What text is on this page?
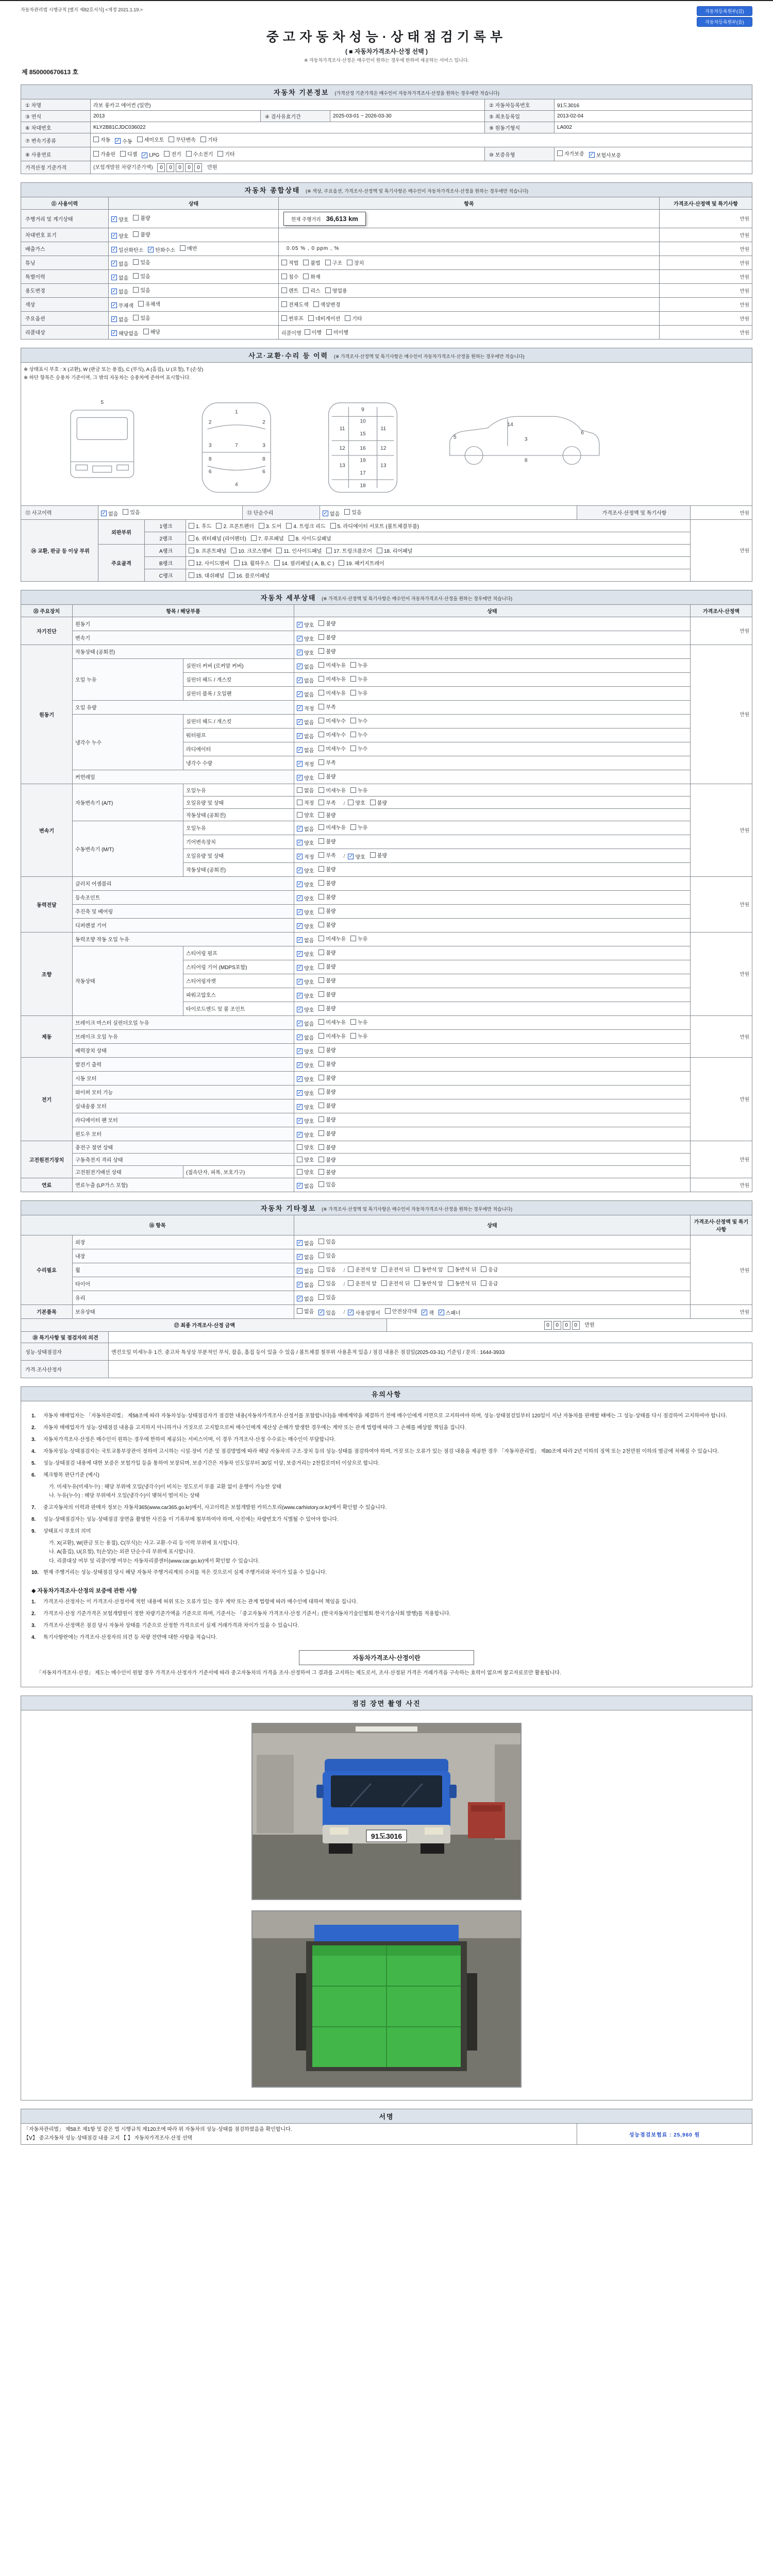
자동차관리법 시행규칙 [별지 제82호서식] <개정 2021.1.19.>	자동차등록원부(갑)
자동차등록원부(을)
중고자동차성능·상태점검기록부
( ■ 자동차가격조사·산정 선택 )
※ 자동차가격조사·산정은 매수인이 원하는 경우에 한하여 제공하는 서비스 입니다.
제 850000670613 호
자동차 기본정보 (가격산정 기준가격은 매수인이 자동차가격조사·산정을 원하는 경우에만 적습니다)
① 차명	라보 롱카고 에어컨 (일반)			② 자동차등록번호	91도3016
③ 연식	2013	④ 검사유효기간	2025-03-01 ~ 2026-03-30	⑤ 최초등록일	2013-02-04
⑥ 차대번호	KLY2B81CJDC036022			⑨ 원동기형식	LA002
⑦ 변속기종류	자동 ✓ 수동 세미오토 무단변속 기타

⑧ 사용연료	가솔린 디젤 ✓ LPG 전기 수소전기 기타	⑩ 보증유형	자가보증 ✓ 보험사보증

가격산정 기준가격	(보험개발원 차량기준가액) 0 0 0 0 0 만원				
자동차 종합상태 (※ 색상, 주요옵션, 가격조사·산정액 및 특기사항은 매수인이 자동차가격조사·산정을 원하는 경우에만 적습니다)
⑪ 사용이력	상태	항목	가격조사·산정액 및 특기사항
주행거리 및 계기상태	✓ 양호 불량	현재 주행거리 36,613 km	만원
차대번호 표기	✓ 양호 불량		만원
배출가스	✓ 일산화탄소 ✓ 탄화수소 매연	0.05 % , 0 ppm , %	만원
튜닝	✓ 없음 있음	적법 불법 구조 장치	만원
특별이력	✓ 없음 있음	침수 화재	만원
용도변경	✓ 없음 있음	렌트 리스 영업용	만원
색상	✓ 무채색 유채색	전체도색 색상변경	만원
주요옵션	✓ 없음 있음	썬루프 네비게이션 기타	만원
리콜대상	✓ 해당없음 해당	리콜이행 이행 미이행	만원
사고·교환·수리 등 이력 (※ 가격조사·산정액 및 특기사항은 매수인이 자동차가격조사·산정을 원하는 경우에만 적습니다)
※ 상태표시 부호 : X (교환), W (판금 또는 용접), C (부식), A (흠집), U (요철), T (손상)
※ 하단 항목은 승용차 기준이며, 그 밖의 자동차는 승용차에 준하여 표시합니다.
5
1
2	2
7
3	3
8	8
6	6
4
9
10
11	11
15
12	16	12
13
19
13
17
18
14
3
6
8
5
⑫ 사고이력	✓ 없음 있음	⑬ 단순수리	✓ 없음 있음	가격조사·산정액 및 특기사항	만원
⑭ 교환, 판금 등 이상 부위	외판부위	1랭크	1. 후드 2. 프론트펜더 3. 도어 4. 트렁크 리드 5. 라디에이터 서포트 (볼트체결부품)	만원
		2랭크	6. 쿼터패널 (리어펜더) 7. 루프패널 8. 사이드실패널	

	주요골격	A랭크	9. 프론트패널 10. 크로스멤버 11. 인사이드패널 17. 트렁크플로어 18. 리어패널	

		B랭크	12. 사이드멤버 13. 휠하우스 14. 필러패널 ( A, B, C ) 19. 패키지트레이	

		C랭크	15. 대쉬패널 16. 플로어패널	
자동차 세부상태 (※ 가격조사·산정액 및 특기사항은 매수인이 자동차가격조사·산정을 원하는 경우에만 적습니다)
⑮ 주요장치	항목 / 해당부품		상태	가격조사·산정액
자기진단	원동기		✓ 양호 불량	만원
	변속기		✓ 양호 불량	

원동기	작동상태 (공회전)		✓ 양호 불량	만원
	오일 누유	실린더 커버 (로커암 커버)	✓ 없음 미세누유 누유	

		실린더 헤드 / 개스킷	✓ 없음 미세누유 누유	

		실린더 블록 / 오일팬	✓ 없음 미세누유 누유	

	오일 유량		✓ 적정 부족	

	냉각수 누수	실린더 헤드 / 개스킷	✓ 없음 미세누수 누수	

		워터펌프	✓ 없음 미세누수 누수	

		라디에이터	✓ 없음 미세누수 누수	

		냉각수 수량	✓ 적정 부족	

	커먼레일		✓ 양호 불량	

변속기	자동변속기 (A/T)	오일누유	없음 미세누유 누유	만원
		오일유량 및 상태	적정 부족 / 양호 불량	

		작동상태 (공회전)	양호 불량	

	수동변속기 (M/T)	오일누유	✓ 없음 미세누유 누유	

		기어변속장치	✓ 양호 불량	

오일유량 및 상태	✓ 적정 부족 / ✓ 양호 불량

		작동상태 (공회전)	✓ 양호 불량	

동력전달	클러치 어셈블리		✓ 양호 불량	만원
	등속조인트		✓ 양호 불량	

	추진축 및 베어링		✓ 양호 불량	

	디퍼렌셜 기어		✓ 양호 불량	

조향	동력조향 작동 오일 누유		✓ 없음 미세누유 누유	만원
	작동상태	스티어링 펌프	✓ 양호 불량	

		스티어링 기어 (MDPS포함)	✓ 양호 불량	

		스티어링자켓	✓ 양호 불량	

		파워고압호스	✓ 양호 불량	

		타이로드엔드 및 볼 조인트	✓ 양호 불량	

제동	브레이크 마스터 실린더오일 누유		✓ 없음 미세누유 누유	만원
	브레이크 오일 누유		✓ 없음 미세누유 누유	

	배력장치 상태		✓ 양호 불량	

전기	발전기 출력		✓ 양호 불량	만원
	시동 모터		✓ 양호 불량	

	와이퍼 모터 기능		✓ 양호 불량	

	실내송풍 모터		✓ 양호 불량	

	라디에이터 팬 모터		✓ 양호 불량	

	윈도우 모터		✓ 양호 불량	

고전원전기장치	충전구 절연 상태		양호 불량	만원
	구동축전지 격리 상태		양호 불량	

	고전원전기배선 상태	(접속단자, 피복, 보호기구)	양호 불량	

연료	연료누출 (LP가스 포함)		✓ 없음 있음	만원
자동차 기타정보 (※ 가격조사·산정액 및 특기사항은 매수인이 자동차가격조사·산정을 원하는 경우에만 적습니다)
⑯ 항목		상태	가격조사·산정액 및 특기사항
수리필요	외장	✓ 없음 있음	만원
	내장	✓ 없음 있음	

휠	✓ 없음 있음 / 운전석 앞 운전석 뒤 동반석 앞 동반석 뒤 응급

타이어	✓ 없음 있음 / 운전석 앞 운전석 뒤 동반석 앞 동반석 뒤 응급

	유리	✓ 없음 있음	

기본품목	보유상태	없음 ✓ 있음 / ✓ 사용설명서 안전삼각대 ✓ 잭 ✓ 스패너	만원
⑰ 최종 가격조사·산정 금액	0 0 0 0 만원
⑱ 특기사항 및 점검자의 의견
성능·상태점검자	엔진오일 미세누유 1건. 중고차 특성상 부분적인 부식, 잡음, 흠집 등이 있을 수 있음 / 볼트체결 철부위 사용흔적 있음 / 점검 내용은 점검일(2025-03-31) 기준임 / 문의 : 1644-3933
가격·조사산정자	
유의사항
1.	자동차 매매업자는 「자동차관리법」 제58조에 따라 자동차성능·상태점검자가 점검한 내용(자동차가격조사·산정서를 포함합니다)을 매매계약을 체결하기 전에 매수인에게 서면으로 고지하여야 하며, 성능·상태점검일부터 120일이 지난 자동차를 판매할 때에는 그 성능·상태를 다시 점검하여 고지하여야 합니다.
2.	자동차 매매업자가 성능·상태점검 내용을 고지하지 아니하거나 거짓으로 고지함으로써 매수인에게 재산상 손해가 발생한 경우에는 계약 또는 관계 법령에 따라 그 손해를 배상할 책임을 집니다.
3.	자동차가격조사·산정은 매수인이 원하는 경우에 한하여 제공되는 서비스이며, 이 경우 가격조사·산정 수수료는 매수인이 부담합니다.
4.	자동차성능·상태점검자는 국토교통부장관이 정하여 고시하는 시설·장비 기준 및 점검방법에 따라 해당 자동차의 구조·장치 등의 성능·상태를 점검하여야 하며, 거짓 또는 오류가 있는 점검 내용을 제공한 경우 「자동차관리법」 제80조에 따라 2년 이하의 징역 또는 2천만원 이하의 벌금에 처해질 수 있습니다.
5.	성능·상태점검 내용에 대한 보증은 보험가입 등을 통하여 보장되며, 보증기간은 자동차 인도일부터 30일 이상, 보증거리는 2천킬로미터 이상으로 합니다.
6.	체크항목 판단기준 (예시)
가. 미세누유(미세누수) : 해당 부위에 오일(냉각수)이 비치는 정도로서 부품 교환 없이 운행이 가능한 상태
나. 누유(누수) : 해당 부위에서 오일(냉각수)이 맺혀서 떨어지는 상태
7.	중고자동차의 이력과 판매자 정보는 자동차365(www.car365.go.kr)에서, 사고이력은 보험개발원 카히스토리(www.carhistory.or.kr)에서 확인할 수 있습니다.
8.	성능·상태점검자는 성능·상태점검 장면을 촬영한 사진을 이 기록부에 첨부하여야 하며, 사진에는 차량번호가 식별될 수 있어야 합니다.
9.	상태표시 부호의 의미
가. X(교환), W(판금 또는 용접), C(부식)는 사고·교환·수리 등 이력 부위에 표시합니다.
나. A(흠집), U(요철), T(손상)는 외관 단순수리 부위에 표시합니다.
다. 리콜대상 여부 및 리콜이행 여부는 자동차리콜센터(www.car.go.kr)에서 확인할 수 있습니다.
10. 현재 주행거리는 성능·상태점검 당시 해당 자동차 주행거리계의 수치를 적은 것으로서 실제 주행거리와 차이가 있을 수 있습니다.
◆ 자동차가격조사·산정의 보증에 관한 사항
1.	가격조사·산정자는 이 가격조사·산정서에 적힌 내용에 허위 또는 오류가 있는 경우 계약 또는 관계 법령에 따라 매수인에 대하여 책임을 집니다.
2.	가격조사·산정 기준가격은 보험개발원이 정한 차량기준가액을 기준으로 하며, 기준서는 「중고자동차 가격조사·산정 기준서」(한국자동차기술인협회·한국기술사회 발행)를 적용합니다.
3.	가격조사·산정액은 점검 당시 자동차 상태를 기준으로 산정한 가격으로서 실제 거래가격과 차이가 있을 수 있습니다.
4.	특기사항란에는 가격조사·산정자의 의견 등 차량 전반에 대한 사항을 적습니다.
자동차가격조사·산정이란
「자동차가격조사·산정」 제도는 매수인이 원할 경우 가격조사·산정자가 기준서에 따라 중고자동차의 가격을 조사·산정하여 그 결과를 고지하는 제도로서, 조사·산정된 가격은 거래가격을 구속하는 효력이 없으며 참고자료로만 활용됩니다.
점검 장면 촬영 사진
91도3016
서명
「자동차관리법」 제58조 제1항 및 같은 법 시행규칙 제120조에 따라 위 자동차의 성능·상태를 점검하였음을 확인합니다.
【Ⅴ】 중고자동차 성능·상태점검 내용 고지 【 】 자동차가격조사·산정 선택
	성능점검보험료 : 25,960 원
